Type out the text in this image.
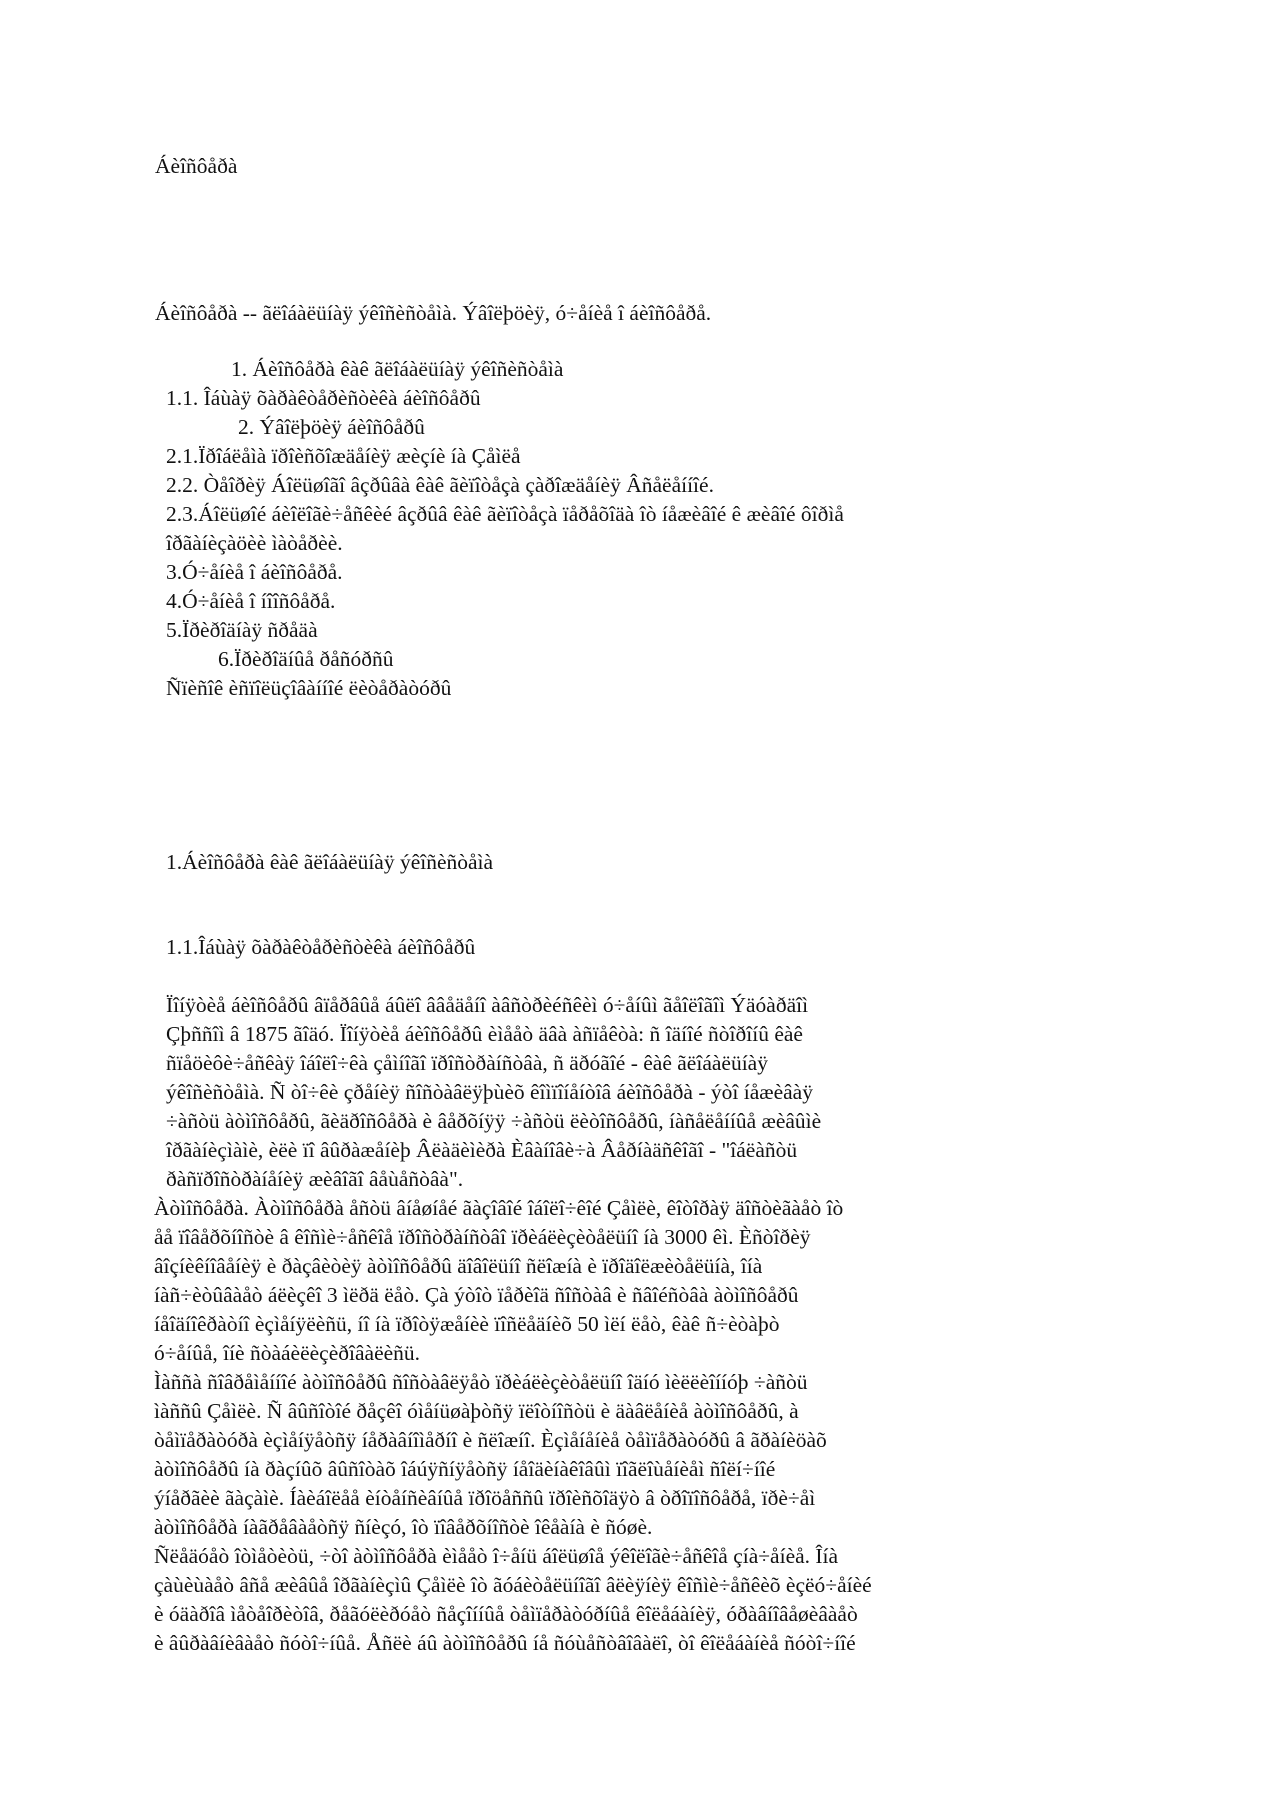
Áèîñôåðà
Áèîñôåðà -- ãëîáàëüíàÿ ýêîñèñòåìà. Ýâîëþöèÿ, ó÷åíèå î áèîñôåðå.
1. Áèîñôåðà êàê ãëîáàëüíàÿ ýêîñèñòåìà
1.1. Îáùàÿ õàðàêòåðèñòèêà áèîñôåðû
2. Ýâîëþöèÿ áèîñôåðû
2.1.Ïðîáëåìà ïðîèñõîæäåíèÿ æèçíè íà Çåìëå
2.2. Òåîðèÿ Áîëüøîãî âçðûâà êàê ãèïîòåçà çàðîæäåíèÿ Âñåëåííîé.
2.3.Áîëüøîé áèîëîãè÷åñêèé âçðûâ êàê ãèïîòåçà ïåðåõîäà îò íåæèâîé ê æèâîé ôîðìå
îðãàíèçàöèè ìàòåðèè.
3.Ó÷åíèå î áèîñôåðå.
4.Ó÷åíèå î íîîñôåðå.
5.Ïðèðîäíàÿ ñðåäà
6.Ïðèðîäíûå ðåñóðñû
Ñïèñîê èñïîëüçîâàííîé ëèòåðàòóðû
1.Áèîñôåðà êàê ãëîáàëüíàÿ ýêîñèñòåìà
1.1.Îáùàÿ õàðàêòåðèñòèêà áèîñôåðû
Ïîíÿòèå áèîñôåðû âïåðâûå áûëî ââåäåíî àâñòðèéñêèì ó÷åíûì ãåîëîãîì Ýäóàðäîì
Çþññîì â 1875 ãîäó. Ïîíÿòèå áèîñôåðû èìååò äâà àñïåêòà: ñ îäíîé ñòîðîíû êàê
ñïåöèôè÷åñêàÿ îáîëî÷êà çåìíîãî ïðîñòðàíñòâà, ñ äðóãîé - êàê ãëîáàëüíàÿ
ýêîñèñòåìà. Ñ òî÷êè çðåíèÿ ñîñòàâëÿþùèõ êîìïîíåíòîâ áèîñôåðà - ýòî íåæèâàÿ
÷àñòü àòìîñôåðû, ãèäðîñôåðà è âåðõíÿÿ ÷àñòü ëèòîñôåðû, íàñåëåííûå æèâûìè
îðãàíèçìàìè, èëè ïî âûðàæåíèþ Âëàäèìèðà Èâàíîâè÷à Âåðíàäñêîãî - "îáëàñòü
ðàñïðîñòðàíåíèÿ æèâîãî âåùåñòâà".
Àòìîñôåðà. Àòìîñôåðà åñòü âíåøíåé ãàçîâîé îáîëî÷êîé Çåìëè, êîòîðàÿ äîñòèãàåò îò
åå ïîâåðõíîñòè â êîñìè÷åñêîå ïðîñòðàíñòâî ïðèáëèçèòåëüíî íà 3000 êì. Èñòîðèÿ
âîçíèêíîâåíèÿ è ðàçâèòèÿ àòìîñôåðû äîâîëüíî ñëîæíà è ïðîäîëæèòåëüíà, îíà
íàñ÷èòûâàåò áëèçêî 3 ìëðä ëåò. Çà ýòîò ïåðèîä ñîñòàâ è ñâîéñòâà àòìîñôåðû
íåîäíîêðàòíî èçìåíÿëèñü, íî íà ïðîòÿæåíèè ïîñëåäíèõ 50 ìëí ëåò, êàê ñ÷èòàþò
ó÷åíûå, îíè ñòàáèëèçèðîâàëèñü.
Ìàññà ñîâðåìåííîé àòìîñôåðû ñîñòàâëÿåò ïðèáëèçèòåëüíî îäíó ìèëëèîííóþ ÷àñòü
ìàññû Çåìëè. Ñ âûñîòîé ðåçêî óìåíüøàþòñÿ ïëîòíîñòü è äàâëåíèå àòìîñôåðû, à
òåìïåðàòóðà èçìåíÿåòñÿ íåðàâíîìåðíî è ñëîæíî. Èçìåíåíèå òåìïåðàòóðû â ãðàíèöàõ
àòìîñôåðû íà ðàçíûõ âûñîòàõ îáúÿñíÿåòñÿ íåîäèíàêîâûì ïîãëîùåíèåì ñîëí÷íîé
ýíåðãèè ãàçàìè. Íàèáîëåå èíòåíñèâíûå ïðîöåññû ïðîèñõîäÿò â òðîïîñôåðå, ïðè÷åì
àòìîñôåðà íàãðåâàåòñÿ ñíèçó, îò ïîâåðõíîñòè îêåàíà è ñóøè.
Ñëåäóåò îòìåòèòü, ÷òî àòìîñôåðà èìååò î÷åíü áîëüøîå ýêîëîãè÷åñêîå çíà÷åíèå. Îíà
çàùèùàåò âñå æèâûå îðãàíèçìû Çåìëè îò ãóáèòåëüíîãî âëèÿíèÿ êîñìè÷åñêèõ èçëó÷åíèé
è óäàðîâ ìåòåîðèòîâ, ðåãóëèðóåò ñåçîííûå òåìïåðàòóðíûå êîëåáàíèÿ, óðàâíîâåøèâàåò
è âûðàâíèâàåò ñóòî÷íûå. Åñëè áû àòìîñôåðû íå ñóùåñòâîâàëî, òî êîëåáàíèå ñóòî÷íîé
